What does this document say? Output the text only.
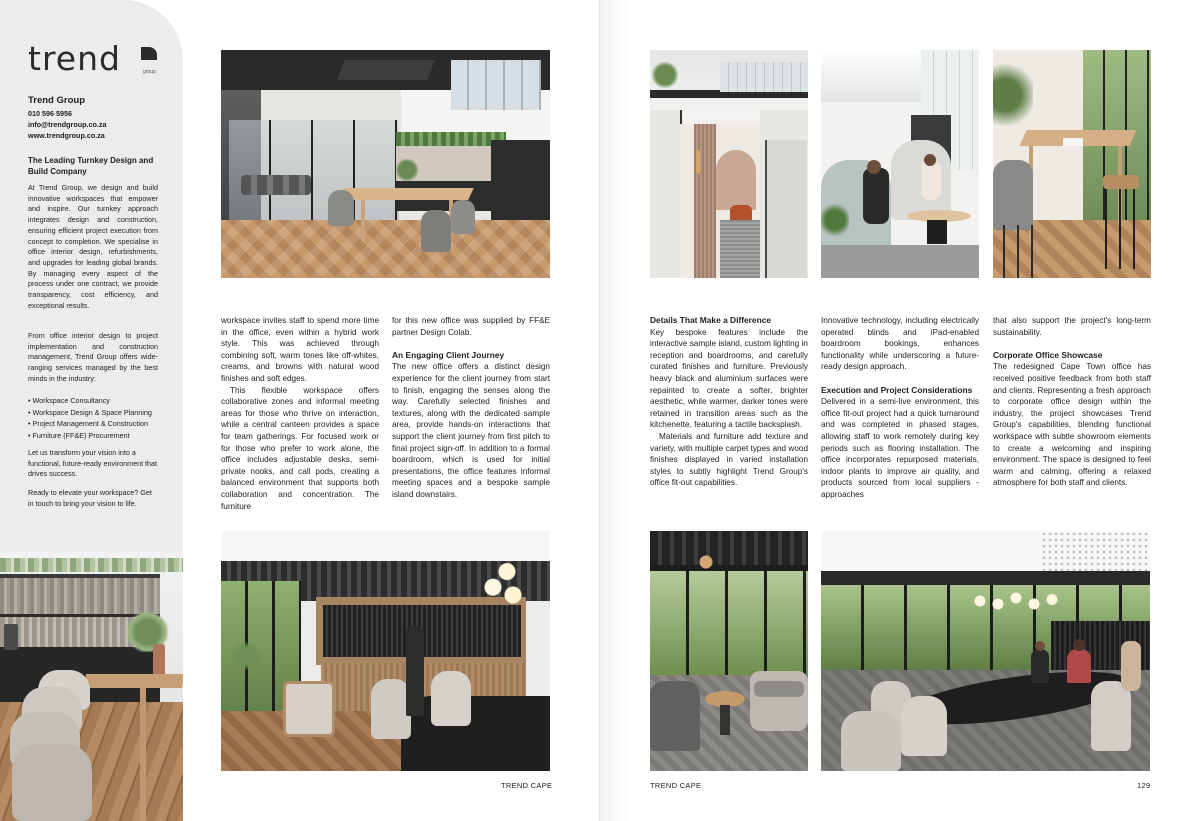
trend	group
Trend Group
010 596 5956
info@trendgroup.co.za
www.trendgroup.co.za
The Leading Turnkey Design and Build Company
At Trend Group, we design and build innovative workspaces that empower and inspire. Our turnkey approach integrates design and construction, ensuring efficient project execution from concept to completion. We specialise in office interior design, refurbishments, and upgrades for leading global brands. By managing every aspect of the process under one contract, we provide transparency, cost efficiency, and exceptional results.
From office interior design to project implementation and construction management, Trend Group offers wide-ranging services managed by the best minds in the industry:
• Workspace Consultancy
• Workspace Design & Space Planning
• Project Management & Construction
• Furniture (FF&E) Procurement
Let us transform your vision into a functional, future-ready environment that drives success.
Ready to elevate your workspace? Get in touch to bring your vision to life.

workspace invites staff to spend more time in the office, even within a hybrid work style. This was achieved through combining soft, warm tones like off-whites, creams, and browns with natural wood finishes and soft edges.

This flexible workspace offers collaborative zones and informal meeting areas for those who thrive on interaction, while a central canteen provides a space for team gatherings. For focused work or for those who prefer to work alone, the office includes adjustable desks, semi-private nooks, and call pods, creating a balanced environment that supports both collaboration and concentration. The furniture

for this new office was supplied by FF&E partner Design Colab.

An Engaging Client Journey

The new office offers a distinct design experience for the client journey from start to finish, engaging the senses along the way. Carefully selected finishes and textures, along with the dedicated sample area, provide hands-on interactions that support the client journey from first pitch to final project sign-off. In addition to a formal boardroom, which is used for initial presentations, the office features informal meeting spaces and a bespoke sample island downstairs.

TREND CAPE
Details That Make a Difference

Key bespoke features include the interactive sample island, custom lighting in reception and boardrooms, and carefully curated finishes and furniture. Previously heavy black and aluminium surfaces were repainted to create a softer, brighter aesthetic, while warmer, darker tones were retained in transition areas such as the kitchenette, featuring a tactile backsplash.

Materials and furniture add texture and variety, with multiple carpet types and wood finishes displayed in varied installation styles to subtly highlight Trend Group's office fit-out capabilities.

Innovative technology, including electrically operated blinds and iPad-enabled boardroom bookings, enhances functionality while underscoring a future-ready design approach.

Execution and Project Considerations

Delivered in a semi-live environment, this office fit-out project had a quick turnaround and was completed in phased stages, allowing staff to work remotely during key periods such as flooring installation. The office incorporates repurposed materials, indoor plants to improve air quality, and products sourced from local suppliers - approaches

that also support the project's long-term sustainability.

Corporate Office Showcase

The redesigned Cape Town office has received positive feedback from both staff and clients. Representing a fresh approach to corporate office design within the industry, the project showcases Trend Group's capabilities, blending functional workspace with subtle showroom elements to create a welcoming and inspiring environment. The space is designed to feel warm and calming, offering a relaxed atmosphere for both staff and clients.

TREND CAPE	129
